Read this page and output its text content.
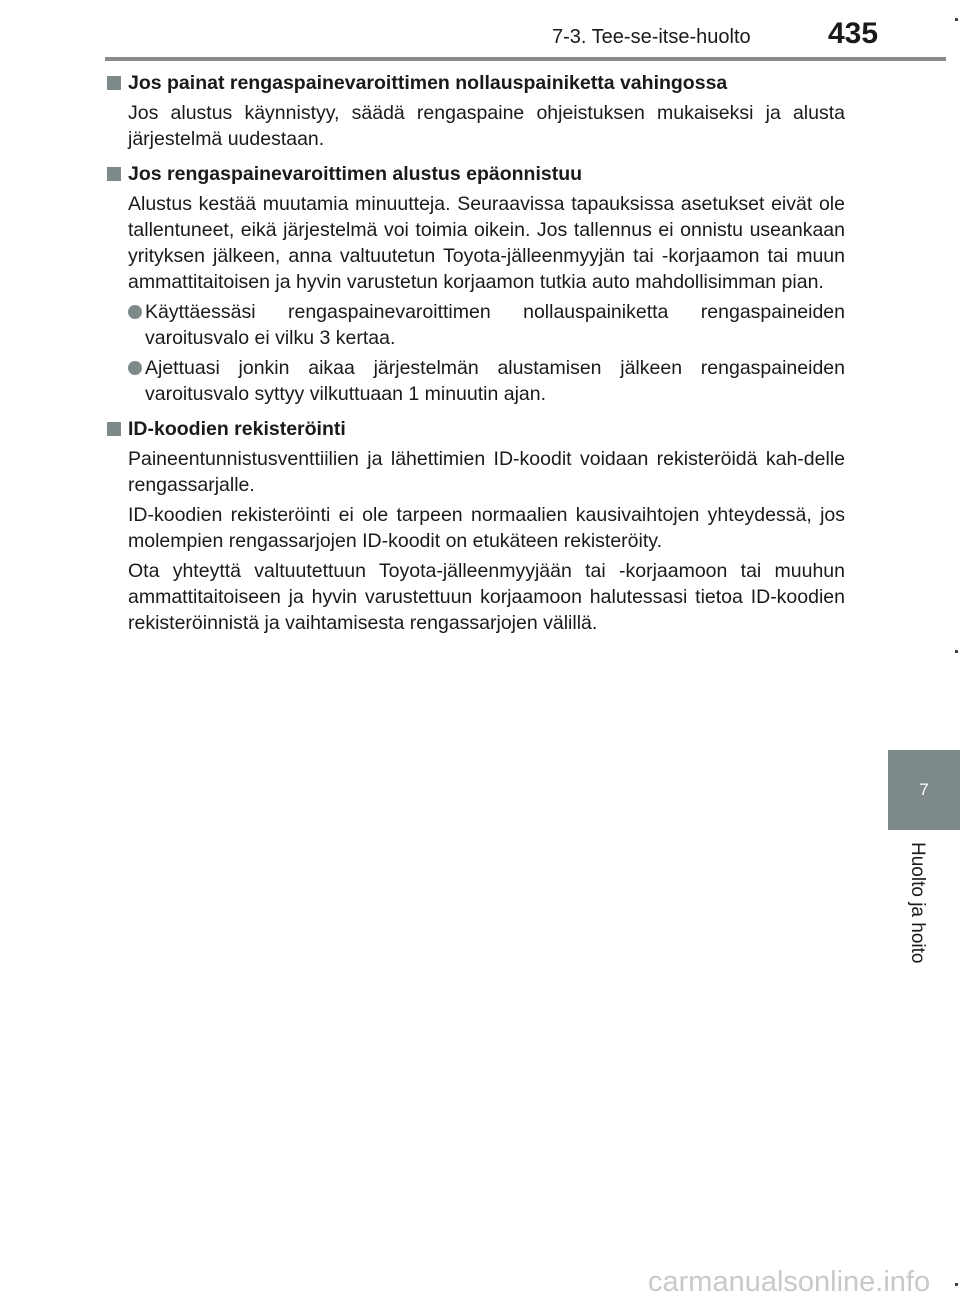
7-3. Tee-se-itse-huolto	435
7
Huolto ja hoito
Jos painat rengaspainevaroittimen nollauspainiketta vahingossa
Jos alustus käynnistyy, säädä rengaspaine ohjeistuksen mukaiseksi ja alusta järjestelmä uudestaan.
Jos rengaspainevaroittimen alustus epäonnistuu
Alustus kestää muutamia minuutteja. Seuraavissa tapauksissa asetukset eivät ole tallentuneet, eikä järjestelmä voi toimia oikein. Jos tallennus ei onnistu useankaan yrityksen jälkeen, anna valtuutetun Toyota-jälleenmyyjän tai -korjaamon tai muun ammattitaitoisen ja hyvin varustetun korjaamon tutkia auto mahdollisimman pian.
Käyttäessäsi rengaspainevaroittimen nollauspainiketta rengaspaineiden varoitusvalo ei vilku 3 kertaa.
Ajettuasi jonkin aikaa järjestelmän alustamisen jälkeen rengaspaineiden varoitusvalo syttyy vilkuttuaan 1 minuutin ajan.
ID-koodien rekisteröinti
Paineentunnistusventtiilien ja lähettimien ID-koodit voidaan rekisteröidä kah-delle rengassarjalle.
ID-koodien rekisteröinti ei ole tarpeen normaalien kausivaihtojen yhteydessä, jos molempien rengassarjojen ID-koodit on etukäteen rekisteröity.
Ota yhteyttä valtuutettuun Toyota-jälleenmyyjään tai -korjaamoon tai muuhun ammattitaitoiseen ja hyvin varustettuun korjaamoon halutessasi tietoa ID-koodien rekisteröinnistä ja vaihtamisesta rengassarjojen välillä.
carmanualsonline.info
